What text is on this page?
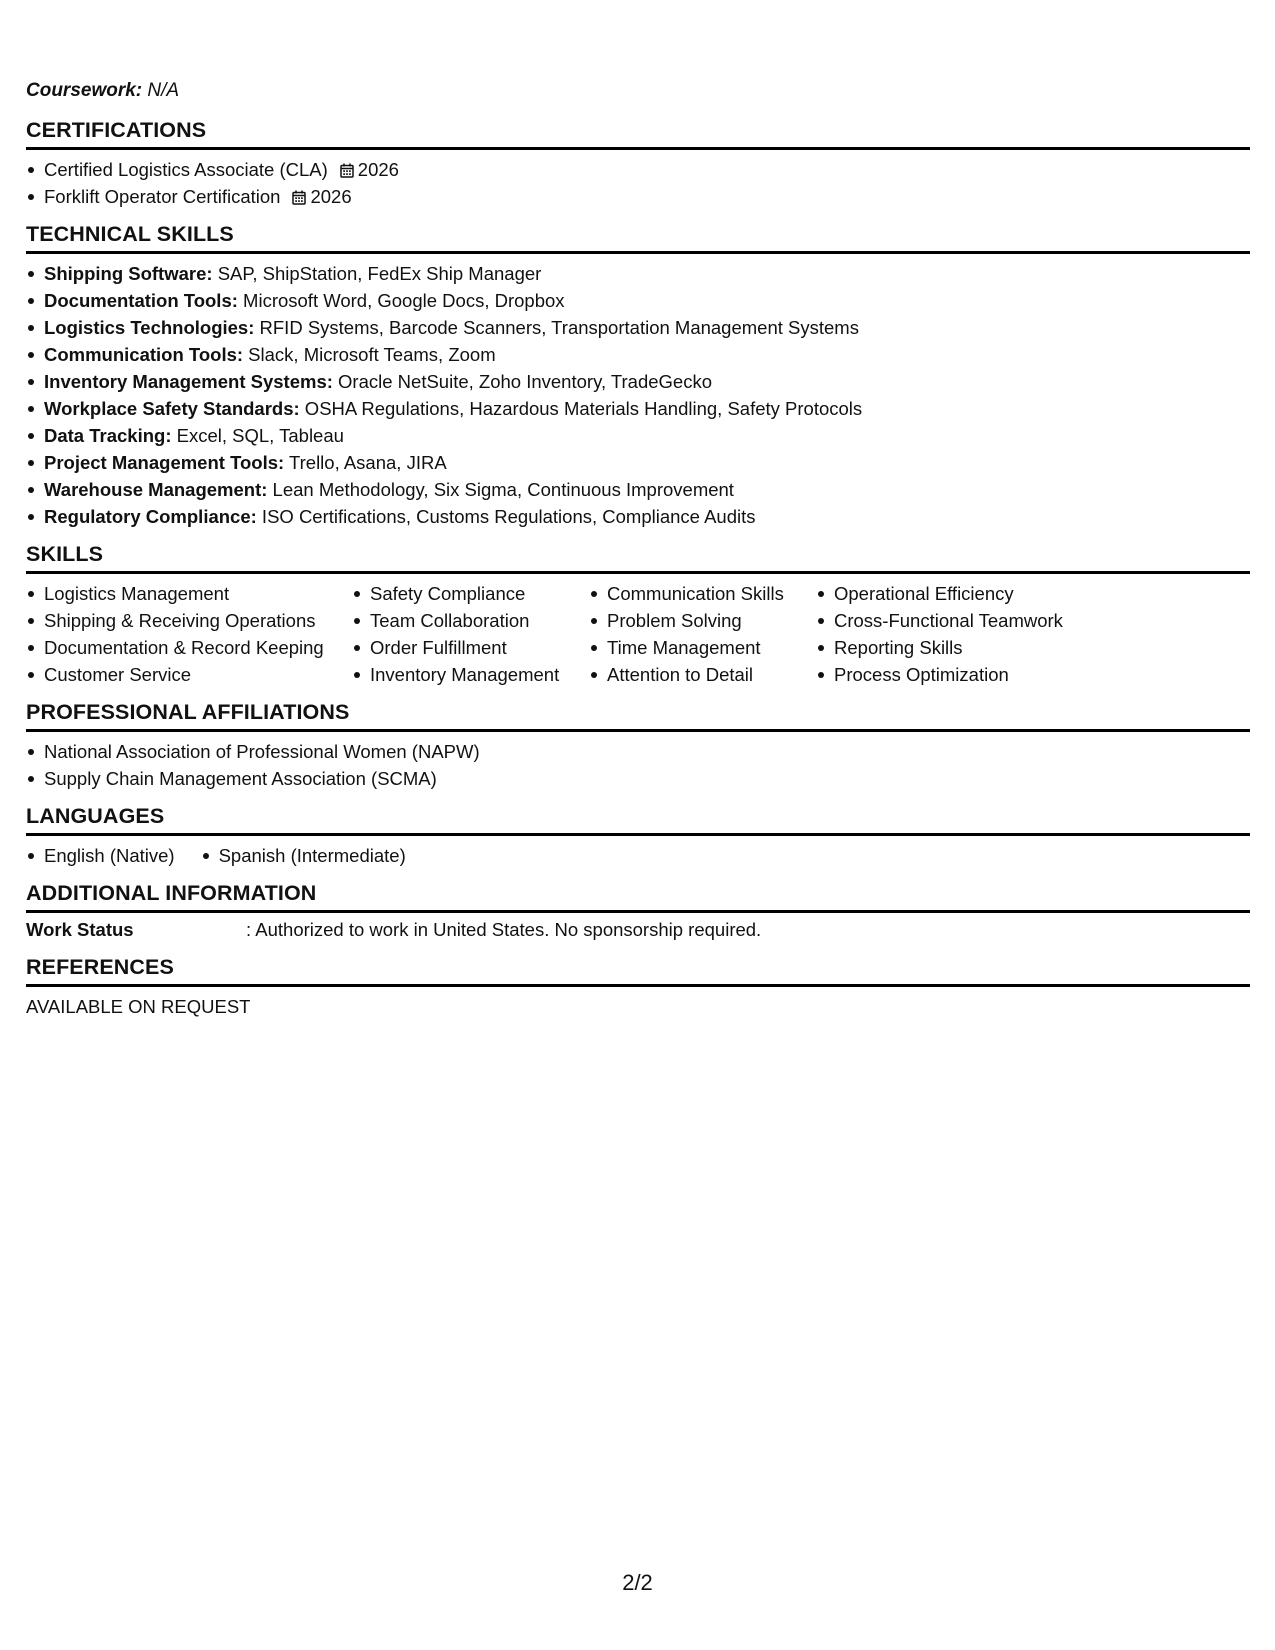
Coursework: N/A
CERTIFICATIONS
Certified Logistics Associate (CLA) 2026
Forklift Operator Certification 2026
TECHNICAL SKILLS
Shipping Software: SAP, ShipStation, FedEx Ship Manager
Documentation Tools: Microsoft Word, Google Docs, Dropbox
Logistics Technologies: RFID Systems, Barcode Scanners, Transportation Management Systems
Communication Tools: Slack, Microsoft Teams, Zoom
Inventory Management Systems: Oracle NetSuite, Zoho Inventory, TradeGecko
Workplace Safety Standards: OSHA Regulations, Hazardous Materials Handling, Safety Protocols
Data Tracking: Excel, SQL, Tableau
Project Management Tools: Trello, Asana, JIRA
Warehouse Management: Lean Methodology, Six Sigma, Continuous Improvement
Regulatory Compliance: ISO Certifications, Customs Regulations, Compliance Audits
SKILLS
Logistics Management
Shipping & Receiving Operations
Documentation & Record Keeping
Customer Service
Safety Compliance
Team Collaboration
Order Fulfillment
Inventory Management
Communication Skills
Problem Solving
Time Management
Attention to Detail
Operational Efficiency
Cross-Functional Teamwork
Reporting Skills
Process Optimization
PROFESSIONAL AFFILIATIONS
National Association of Professional Women (NAPW)
Supply Chain Management Association (SCMA)
LANGUAGES
English (Native) Spanish (Intermediate)
ADDITIONAL INFORMATION
Work Status	: Authorized to work in United States. No sponsorship required.
REFERENCES
AVAILABLE ON REQUEST
2/2
